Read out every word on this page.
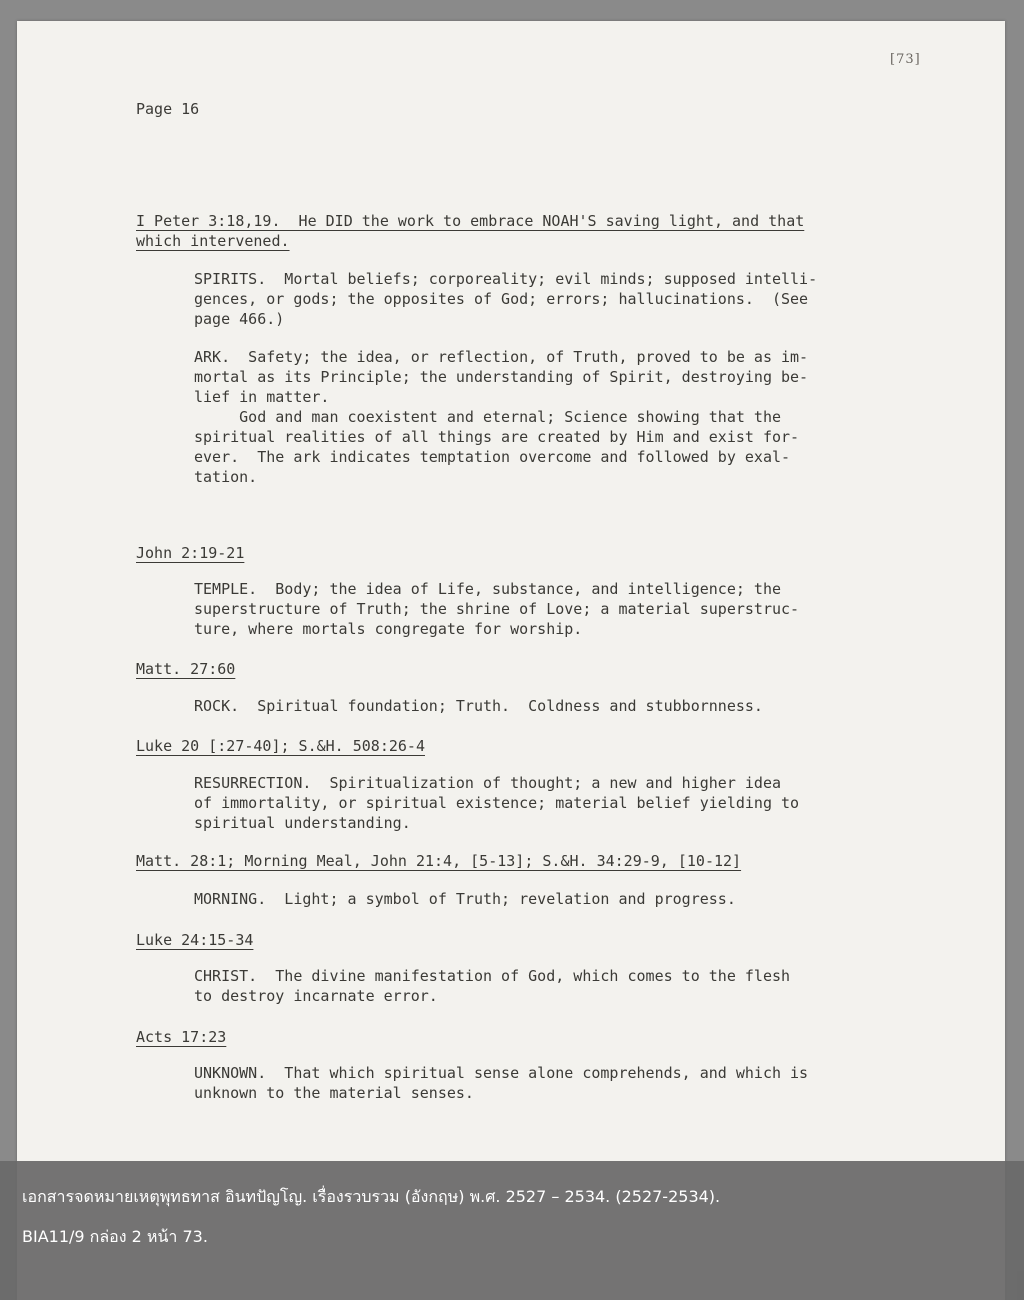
[73]
Page 16
I Peter 3:18,19.  He DID the work to embrace NOAH'S saving light, and that
which intervened.
SPIRITS.  Mortal beliefs; corporeality; evil minds; supposed intelli-
gences, or gods; the opposites of God; errors; hallucinations.  (See
page 466.)
ARK.  Safety; the idea, or reflection, of Truth, proved to be as im-
mortal as its Principle; the understanding of Spirit, destroying be-
lief in matter.
God and man coexistent and eternal; Science showing that the
spiritual realities of all things are created by Him and exist for-
ever.  The ark indicates temptation overcome and followed by exal-
tation.
John 2:19-21
TEMPLE.  Body; the idea of Life, substance, and intelligence; the
superstructure of Truth; the shrine of Love; a material superstruc-
ture, where mortals congregate for worship.
Matt. 27:60
ROCK.  Spiritual foundation; Truth.  Coldness and stubbornness.
Luke 20 [:27-40]; S.&H. 508:26-4
RESURRECTION.  Spiritualization of thought; a new and higher idea
of immortality, or spiritual existence; material belief yielding to
spiritual understanding.
Matt. 28:1; Morning Meal, John 21:4, [5-13]; S.&H. 34:29-9, [10-12]
MORNING.  Light; a symbol of Truth; revelation and progress.
Luke 24:15-34
CHRIST.  The divine manifestation of God, which comes to the flesh
to destroy incarnate error.
Acts 17:23
UNKNOWN.  That which spiritual sense alone comprehends, and which is
unknown to the material senses.
เอกสารจดหมายเหตุพุทธทาส อินทปัญโญ. เรื่องรวบรวม (อังกฤษ) พ.ศ. 2527 – 2534. (2527-2534).
BIA11/9 กล่อง 2 หน้า 73.
